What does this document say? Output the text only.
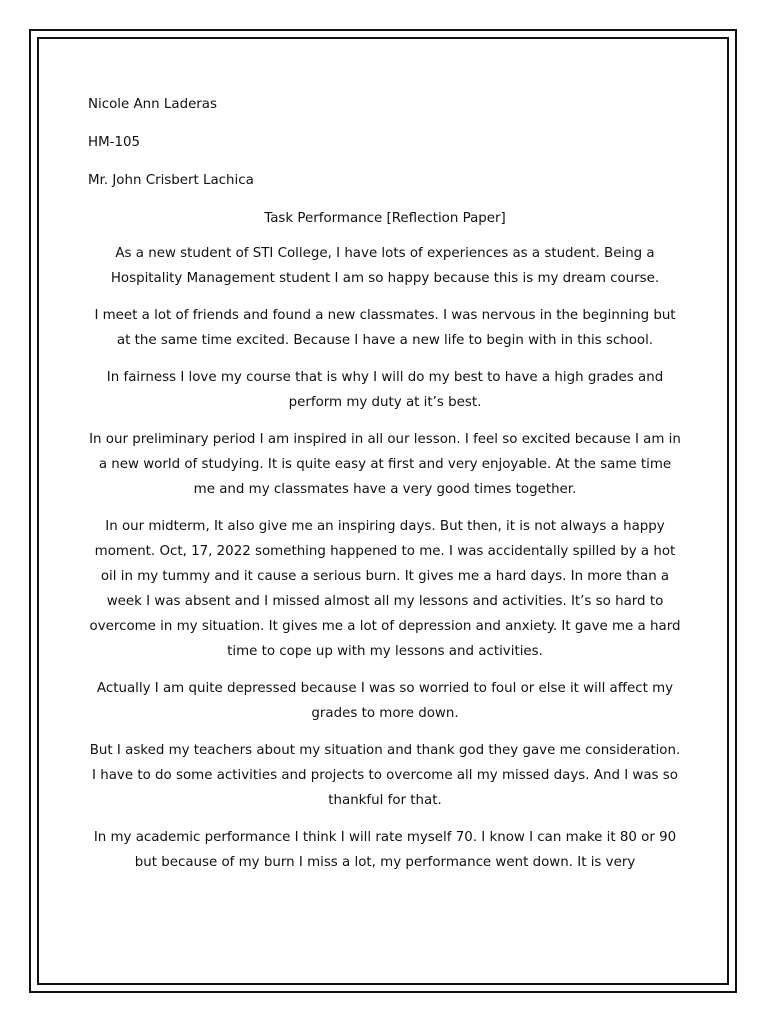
Nicole Ann Laderas

HM-105

Mr. John Crisbert Lachica

Task Performance [Reflection Paper]

As a new student of STI College, I have lots of experiences as a student. Being a Hospitality Management student I am so happy because this is my dream course.

I meet a lot of friends and found a new classmates. I was nervous in the beginning but at the same time excited. Because I have a new life to begin with in this school.

In fairness I love my course that is why I will do my best to have a high grades and perform my duty at it’s best.

In our preliminary period I am inspired in all our lesson. I feel so excited because I am in a new world of studying. It is quite easy at first and very enjoyable. At the same time me and my classmates have a very good times together.

In our midterm, It also give me an inspiring days. But then, it is not always a happy moment. Oct, 17, 2022 something happened to me. I was accidentally spilled by a hot oil in my tummy and it cause a serious burn. It gives me a hard days. In more than a week I was absent and I missed almost all my lessons and activities. It’s so hard to overcome in my situation. It gives me a lot of depression and anxiety. It gave me a hard time to cope up with my lessons and activities.

Actually I am quite depressed because I was so worried to foul or else it will affect my grades to more down.

But I asked my teachers about my situation and thank god they gave me consideration. I have to do some activities and projects to overcome all my missed days. And I was so thankful for that.

In my academic performance I think I will rate myself 70. I know I can make it 80 or 90 but because of my burn I miss a lot, my performance went down. It is very
